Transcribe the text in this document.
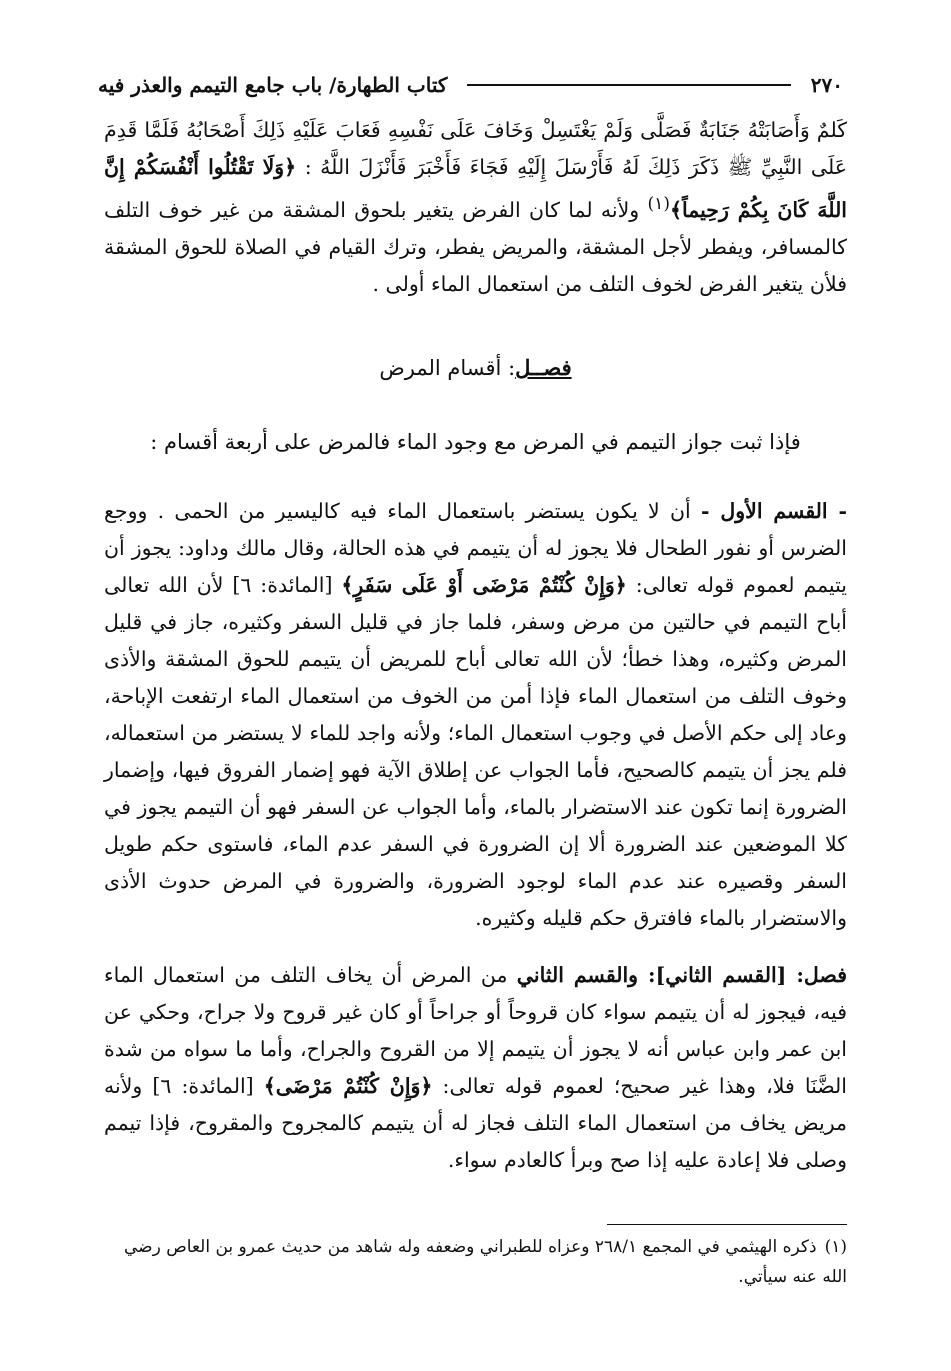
٢٧٠
كتاب الطهارة/ باب جامع التيمم والعذر فيه

كَلمٌ وَأَصَابَتْهُ جَنَابَةٌ فَصَلَّى وَلَمْ يَغْتَسِلْ وَخَافَ عَلَى نَفْسِهِ فَعَابَ عَلَيْهِ ذَلِكَ أَصْحَابُهُ فَلَمَّا قَدِمَ عَلَى النَّبِيِّ ﷺ ذَكَرَ ذَلِكَ لَهُ فَأَرْسَلَ إِلَيْهِ فَجَاءَ فَأَخْبَرَ فَأَنْزَلَ اللَّهُ : ﴿وَلَا تَقْتُلُوا أَنْفُسَكُمْ إِنَّ اللَّهَ كَانَ بِكُمْ رَحِيماً﴾$^{(١)}$ ولأنه لما كان الفرض يتغير بلحوق المشقة من غير خوف التلف كالمسافر، ويفطر لأجل المشقة، والمريض يفطر، وترك القيام في الصلاة للحوق المشقة فلأن يتغير الفرض لخوف التلف من استعمال الماء أولى .

فصــل: أقسام المرض
فإذا ثبت جواز التيمم في المرض مع وجود الماء فالمرض على أربعة أقسام :

- القسم الأول - أن لا يكون يستضر باستعمال الماء فيه كاليسير من الحمى . ووجع الضرس أو نفور الطحال فلا يجوز له أن يتيمم في هذه الحالة، وقال مالك وداود: يجوز أن يتيمم لعموم قوله تعالى: ﴿وَإِنْ كُنْتُمْ مَرْضَى أَوْ عَلَى سَفَرٍ﴾ [المائدة: ٦] لأن الله تعالى أباح التيمم في حالتين من مرض وسفر، فلما جاز في قليل السفر وكثيره، جاز في قليل المرض وكثيره، وهذا خطأ؛ لأن الله تعالى أباح للمريض أن يتيمم للحوق المشقة والأذى وخوف التلف من استعمال الماء فإذا أمن من الخوف من استعمال الماء ارتفعت الإباحة، وعاد إلى حكم الأصل في وجوب استعمال الماء؛ ولأنه واجد للماء لا يستضر من استعماله، فلم يجز أن يتيمم كالصحيح، فأما الجواب عن إطلاق الآية فهو إضمار الفروق فيها، وإضمار الضرورة إنما تكون عند الاستضرار بالماء، وأما الجواب عن السفر فهو أن التيمم يجوز في كلا الموضعين عند الضرورة ألا إن الضرورة في السفر عدم الماء، فاستوى حكم طويل السفر وقصيره عند عدم الماء لوجود الضرورة، والضرورة في المرض حدوث الأذى والاستضرار بالماء فافترق حكم قليله وكثيره.

فصل: [القسم الثاني]: والقسم الثاني من المرض أن يخاف التلف من استعمال الماء فيه، فيجوز له أن يتيمم سواء كان قروحاً أو جراحاً أو كان غير قروح ولا جراح، وحكي عن ابن عمر وابن عباس أنه لا يجوز أن يتيمم إلا من القروح والجراح، وأما ما سواه من شدة الضَّنَا فلا، وهذا غير صحيح؛ لعموم قوله تعالى: ﴿وَإِنْ كُنْتُمْ مَرْضَى﴾ [المائدة: ٦] ولأنه مريض يخاف من استعمال الماء التلف فجاز له أن يتيمم كالمجروح والمقروح، فإذا تيمم وصلى فلا إعادة عليه إذا صح وبرأ كالعادم سواء.

(١)ذكره الهيثمي في المجمع ٢٦٨/١ وعزاه للطبراني وضعفه وله شاهد من حديث عمرو بن العاص رضي الله عنه سيأتي.
